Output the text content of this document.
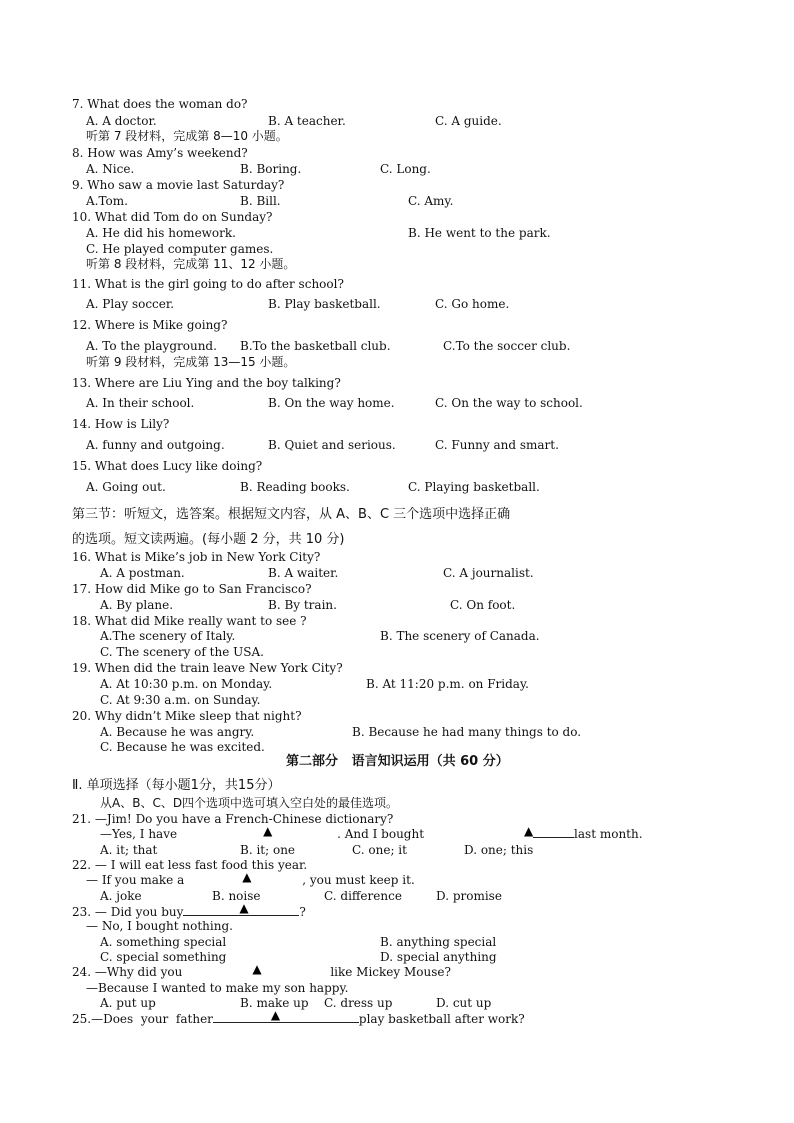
7. What does the woman do?
A. A doctor.	B. A teacher.	C. A guide.
听第 7 段材料，完成第 8—10 小题。
8. How was Amy’s weekend?
A. Nice.	B. Boring.	C. Long.
9. Who saw a movie last Saturday?
A.Tom.	B. Bill.	C. Amy.
10. What did Tom do on Sunday?
A. He did his homework.	B. He went to the park.
C. He played computer games.
听第 8 段材料，完成第 11、12 小题。
11. What is the girl going to do after school?
A. Play soccer.	B. Play basketball.	C. Go home.
12. Where is Mike going?
A. To the playground. B.To the basketball club.	C.To the soccer club.
听第 9 段材料，完成第 13—15 小题。
13. Where are Liu Ying and the boy talking?
A. In their school.	B. On the way home.	C. On the way to school.
14. How is Lily?
A. funny and outgoing.	B. Quiet and serious.	C. Funny and smart.
15. What does Lucy like doing?
A. Going out.	B. Reading books.	C. Playing basketball.
第三节：听短文，选答案。根据短文内容，从 A、B、C 三个选项中选择正确
的选项。短文读两遍。(每小题 2 分，共 10 分)
16. What is Mike’s job in New York City?
A. A postman.	B. A waiter.	C. A journalist.
17. How did Mike go to San Francisco?
A. By plane.	B. By train.	C. On foot.
18. What did Mike really want to see ?
A.The scenery of Italy.	B. The scenery of Canada.
C. The scenery of the USA.
19. When did the train leave New York City?
A. At 10:30 p.m. on Monday.	B. At 11:20 p.m. on Friday.
C. At 9:30 a.m. on Sunday.
20. Why didn’t Mike sleep that night?
A. Because he was angry.	B. Because he had many things to do.
C. Because he was excited.
第二部分   语言知识运用（共 60 分）
Ⅱ. 单项选择（每小题1分，共15分）
从A、B、C、D四个选项中选可填入空白处的最佳选项。
21. —Jim! Do you have a French-Chinese dictionary?
—Yes, I have	▲	. And I bought	▲	last month.
A. it; that	B. it; one	C. one; it	D. one; this
22. — I will eat less fast food this year.
— If you make a	▲	, you must keep it.
A. joke	B. noise	C. difference	D. promise
23. — Did you buy	▲	?
— No, I bought nothing.
A. something special	B. anything special
C. special something	D. special anything
24. —Why did you	▲	like Mickey Mouse?
—Because I wanted to make my son happy.
A. put up	B. make up C. dress up	D. cut up
25.—Does  your  father	▲	play basketball after work?
